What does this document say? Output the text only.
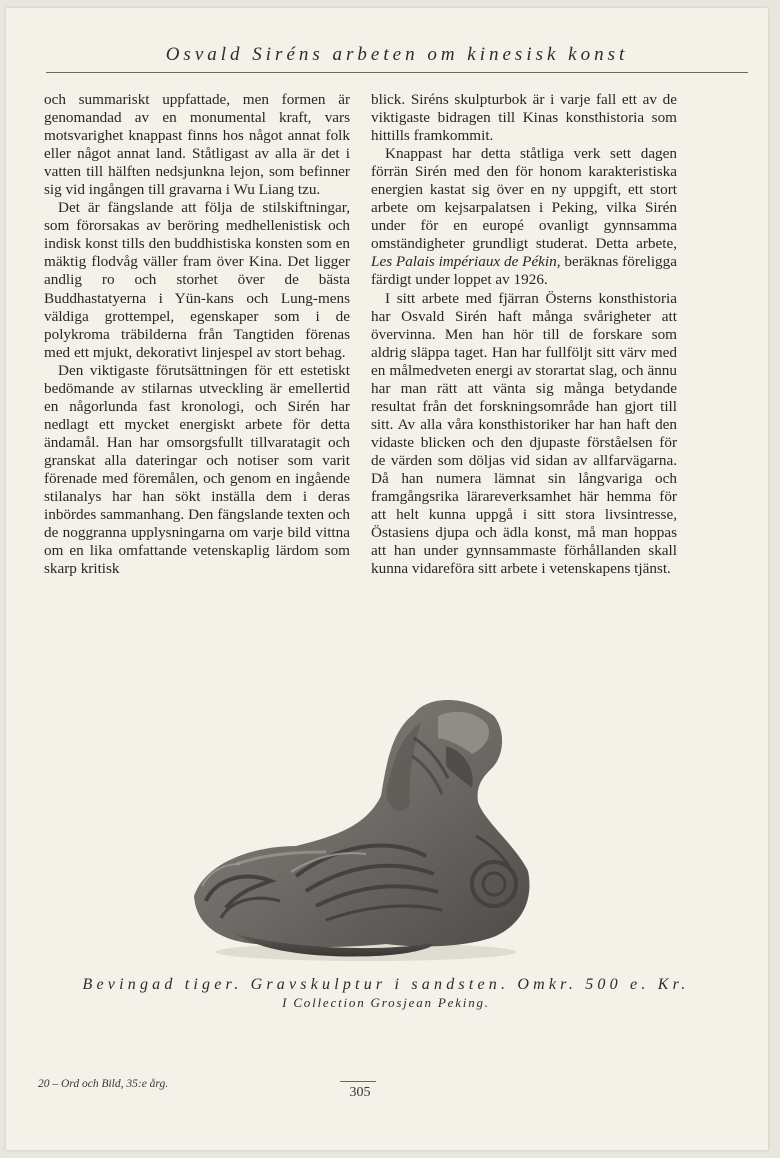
Osvald Siréns arbeten om kinesisk konst

och summariskt uppfattade, men formen är genomandad av en monumental kraft, vars motsvarighet knappast finns hos något annat folk eller något annat land. Ståtligast av alla är det i vatten till hälften nedsjunkna lejon, som befinner sig vid ingången till gravarna i Wu Liang tzu.

Det är fängslande att följa de stilskiftningar, som förorsakas av beröring medhellenistisk och indisk konst tills den buddhistiska konsten som en mäktig flodvåg väller fram över Kina. Det ligger andlig ro och storhet över de bästa Buddhastatyerna i Yün-kans och Lung-mens väldiga grottempel, egenskaper som i de polykroma träbilderna från Tangtiden förenas med ett mjukt, dekorativt linjespel av stort behag.

Den viktigaste förutsättningen för ett estetiskt bedömande av stilarnas utveckling är emellertid en någorlunda fast kronologi, och Sirén har nedlagt ett mycket energiskt arbete för detta ändamål. Han har omsorgsfullt tillvaratagit och granskat alla dateringar och notiser som varit förenade med föremålen, och genom en ingående stilanalys har han sökt inställa dem i deras inbördes sammanhang. Den fängslande texten och de noggranna upplysningarna om varje bild vittna om en lika omfattande vetenskaplig lärdom som skarp kritisk

blick. Siréns skulpturbok är i varje fall ett av de viktigaste bidragen till Kinas konsthistoria som hittills framkommit.

Knappast har detta ståtliga verk sett dagen förrän Sirén med den för honom karakteristiska energien kastat sig över en ny uppgift, ett stort arbete om kejsarpalatsen i Peking, vilka Sirén under för en europé ovanligt gynnsamma omständigheter grundligt studerat. Detta arbete, Les Palais impériaux de Pékin, beräknas föreligga färdigt under loppet av 1926.

I sitt arbete med fjärran Österns konsthistoria har Osvald Sirén haft många svårigheter att övervinna. Men han hör till de forskare som aldrig släppa taget. Han har fullföljt sitt värv med en målmedveten energi av storartat slag, och ännu har man rätt att vänta sig många betydande resultat från det forskningsområde han gjort till sitt. Av alla våra konsthistoriker har han haft den vidaste blicken och den djupaste förståelsen för de värden som döljas vid sidan av allfarvägarna. Då han numera lämnat sin långvariga och framgångsrika lärareverksamhet här hemma för att helt kunna uppgå i sitt stora livsintresse, Östasiens djupa och ädla konst, må man hoppas att han under gynnsammaste förhållanden skall kunna vidareföra sitt arbete i vetenskapens tjänst.

Bevingad tiger. Gravskulptur i sandsten. Omkr. 500 e. Kr.
I Collection Grosjean Peking.
20 – Ord och Bild, 35:e årg.
305
